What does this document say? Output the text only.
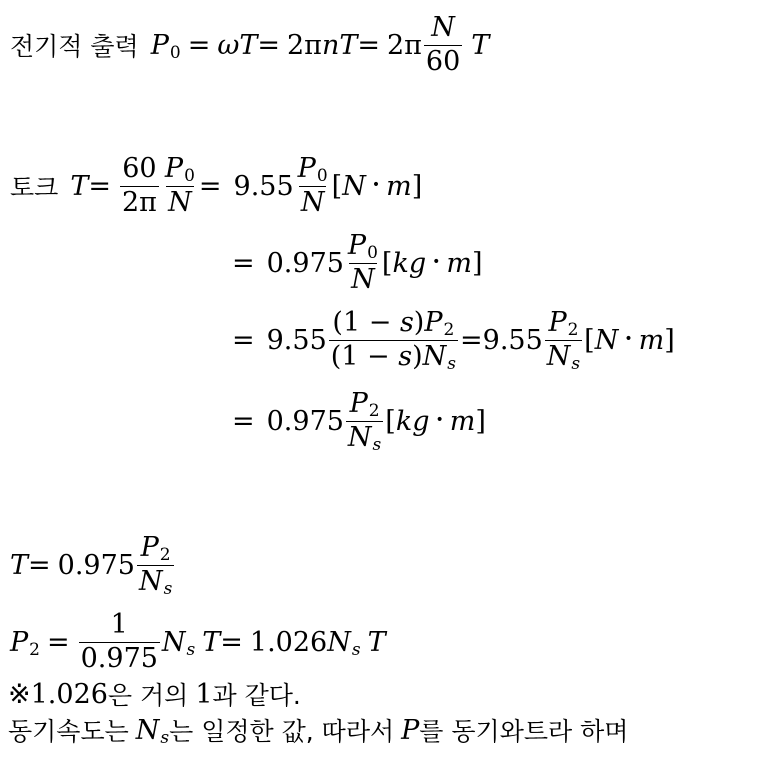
전기적 출력 P 0 = ω T = 2π n $T = 2\pi \frac{N}{60}$ T
토크 $T = \frac{60}{2\pi} \frac{P 0}{N} = 9.55 \frac{P 0}{N}$ [ N • m ]
= $0.975 \frac{P 0}{N}$ [ kg • m ]
= 9.55 (1 −
s ) P 2
(1 −
s ) N $s = 9.55 \frac{P 2}{\text{N s}}$ [ N • m ]
= $0.975 \frac{P 2}{\text{N s}}$ [ kg • m ]
$T = 0.975 \frac{P 2}{\text{N s}}$
P $2 = \frac{1}{0.975}$ N s T = 1.026 N s T
※ 1.026 은 거의 1 과 같다.
동기속도는 N s 는 일정한 값, 따라서 P 를 동기와트라 하며
